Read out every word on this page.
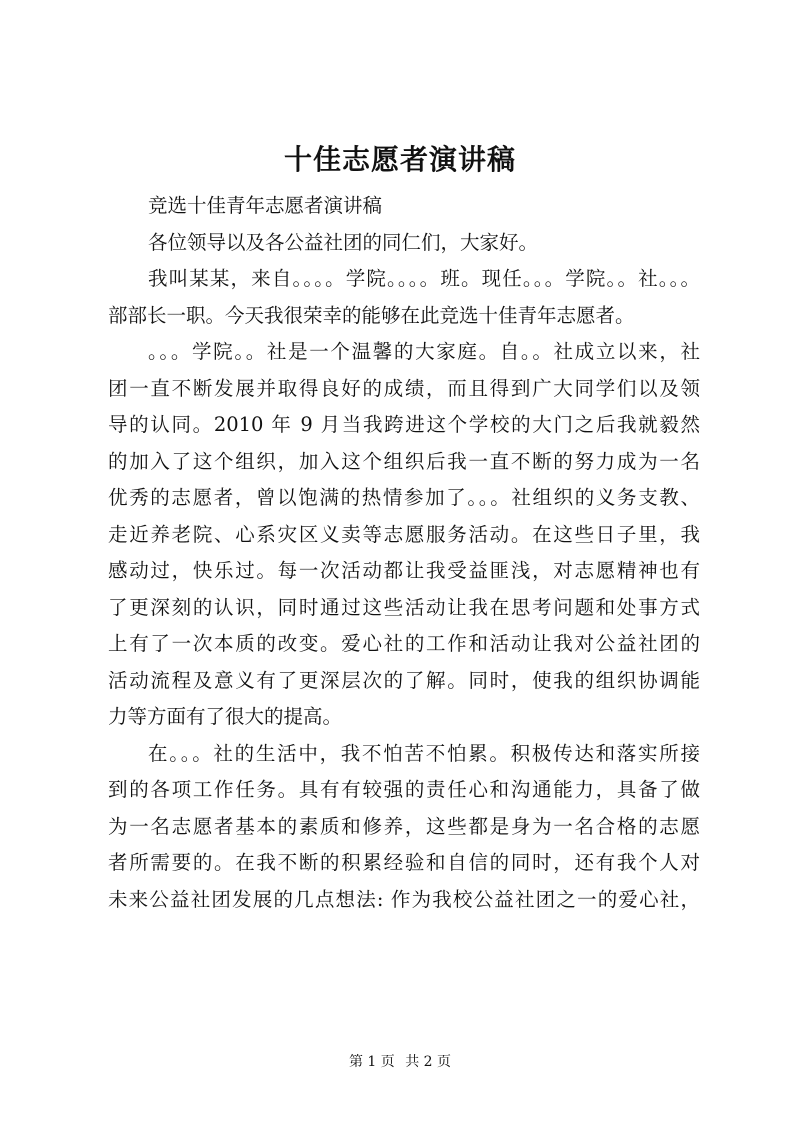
十佳志愿者演讲稿
竞选十佳青年志愿者演讲稿
各位领导以及各公益社团的同仁们，大家好。
我叫某某，来自。。。。学院。。。。班。现任。。。学院。。社。。。
部部长一职。今天我很荣幸的能够在此竞选十佳青年志愿者。
。。。学院。。社是一个温馨的大家庭。自。。社成立以来，社
团一直不断发展并取得良好的成绩，而且得到广大同学们以及领
导的认同。2010 年 9 月当我跨进这个学校的大门之后我就毅然
的加入了这个组织，加入这个组织后我一直不断的努力成为一名
优秀的志愿者，曾以饱满的热情参加了。。。社组织的义务支教、
走近养老院、心系灾区义卖等志愿服务活动。在这些日子里，我
感动过，快乐过。每一次活动都让我受益匪浅，对志愿精神也有
了更深刻的认识，同时通过这些活动让我在思考问题和处事方式
上有了一次本质的改变。爱心社的工作和活动让我对公益社团的
活动流程及意义有了更深层次的了解。同时，使我的组织协调能
力等方面有了很大的提高。
在。。。社的生活中，我不怕苦不怕累。积极传达和落实所接
到的各项工作任务。具有有较强的责任心和沟通能力，具备了做
为一名志愿者基本的素质和修养，这些都是身为一名合格的志愿
者所需要的。在我不断的积累经验和自信的同时，还有我个人对
未来公益社团发展的几点想法: 作为我校公益社团之一的爱心社，
第 1 页 共 2 页
